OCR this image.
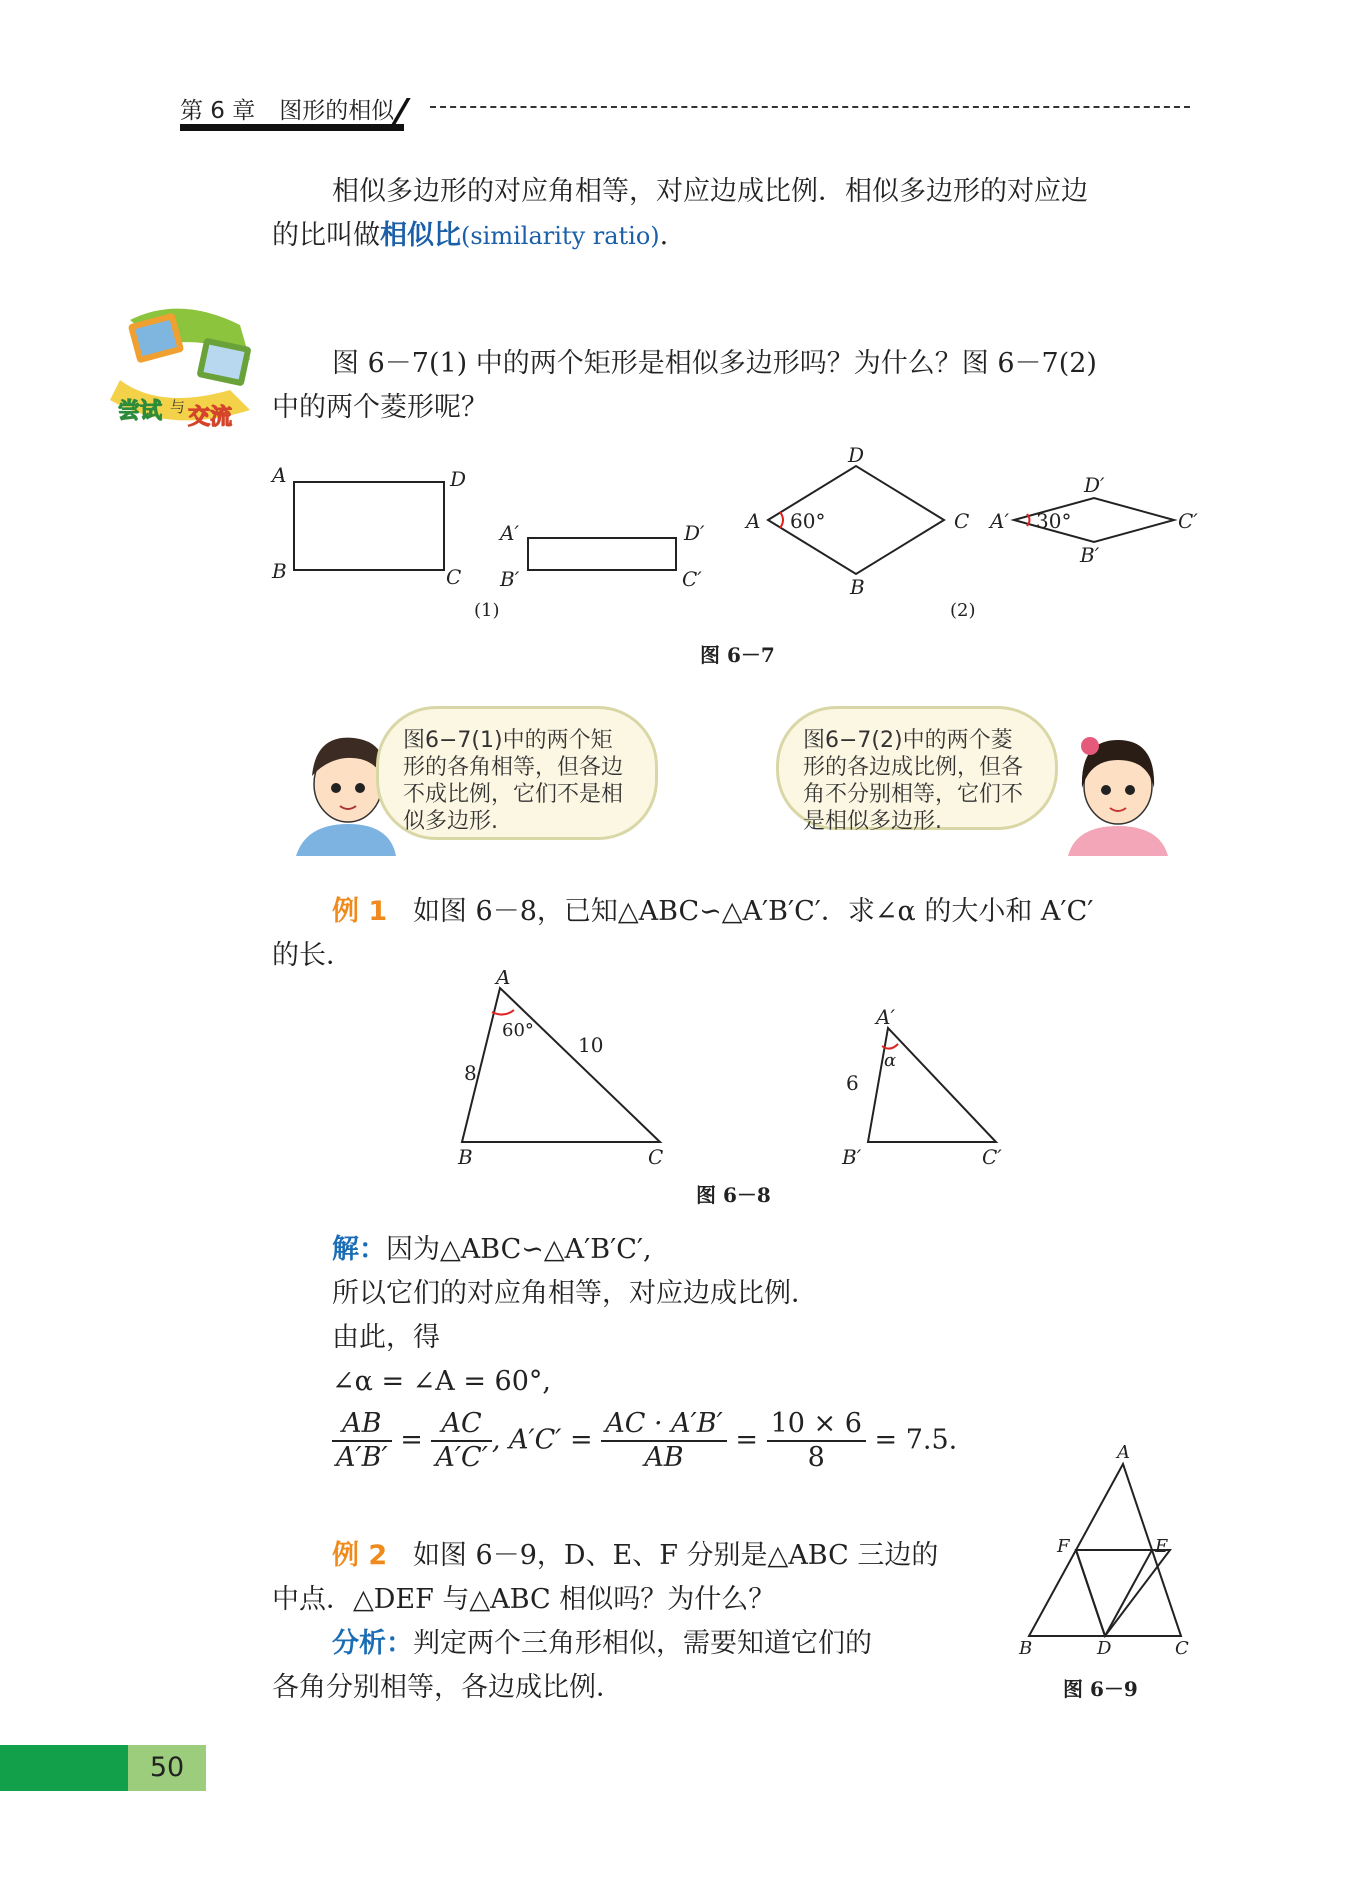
第 6 章 图形的相似
相似多边形的对应角相等，对应边成比例．相似多边形的对应边
的比叫做相似比(similarity ratio).
尝试 与 交流
图 6－7(1) 中的两个矩形是相似多边形吗？为什么？图 6－7(2)
中的两个菱形呢？
A	D
B	C
A′	D′
B′	C′
60°
A
D
C
B
30°
A′
D′
C′
B′
(1)	(2)
图 6－7
图6−7(1)中的两个矩形的各角相等，但各边不成比例，它们不是相似多边形.
图6−7(2)中的两个菱形的各边成比例，但各角不分别相等，它们不是相似多边形.
例 1 如图 6－8，已知△ABC∽△A′B′C′．求∠α 的大小和 A′C′
的长．
60°
A
B	C
8
10
α
A′
B′	C′
6
图 6－8
解：因为△ABC∽△A′B′C′,
所以它们的对应角相等，对应边成比例．
由此，得
∠α = ∠A = 60°,
$\frac{AB}{A'B'} = \frac{AC}{A'C'}$ , $A'C' = \frac{AC \cdot A'B'}{AB} = \frac{10 \times 6}{8} = 7.5$.
例 2 如图 6－9，D、E、F 分别是△ABC 三边的
中点．△DEF 与△ABC 相似吗？为什么？
分析：判定两个三角形相似，需要知道它们的
各角分别相等，各边成比例．
A
B	C
D
E
F
图 6－9
50
